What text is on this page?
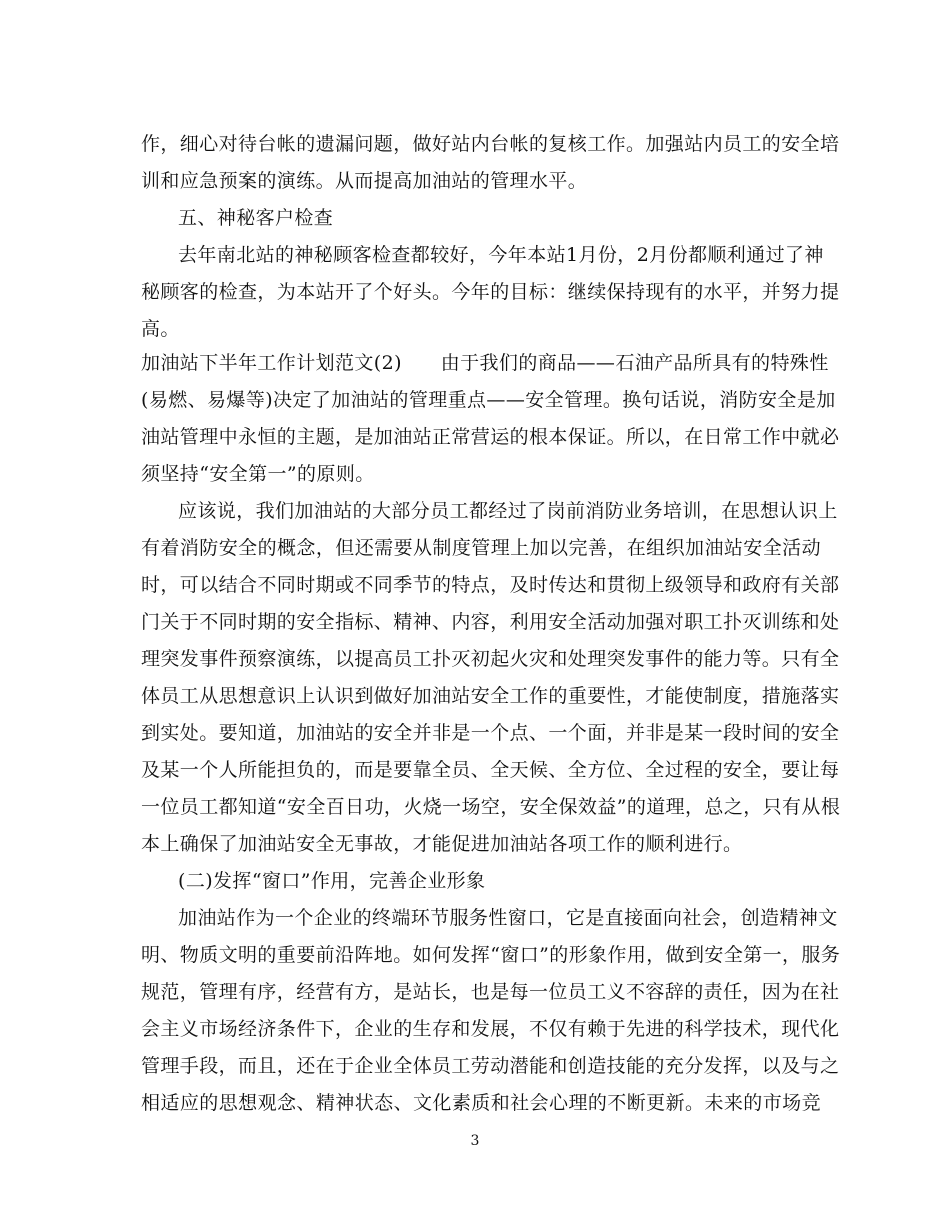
作，细心对待台帐的遗漏问题，做好站内台帐的复核工作。加强站内员工的安全培
训和应急预案的演练。从而提高加油站的管理水平。
五、神秘客户检查
去年南北站的神秘顾客检查都较好，今年本站1月份，2月份都顺利通过了神
秘顾客的检查，为本站开了个好头。今年的目标：继续保持现有的水平，并努力提
高。
加油站下半年工作计划范文(2)　　由于我们的商品——石油产品所具有的特殊性
(易燃、易爆等)决定了加油站的管理重点——安全管理。换句话说，消防安全是加
油站管理中永恒的主题，是加油站正常营运的根本保证。所以，在日常工作中就必
须坚持“安全第一”的原则。
应该说，我们加油站的大部分员工都经过了岗前消防业务培训，在思想认识上
有着消防安全的概念，但还需要从制度管理上加以完善，在组织加油站安全活动
时，可以结合不同时期或不同季节的特点，及时传达和贯彻上级领导和政府有关部
门关于不同时期的安全指标、精神、内容，利用安全活动加强对职工扑灭训练和处
理突发事件预察演练，以提高员工扑灭初起火灾和处理突发事件的能力等。只有全
体员工从思想意识上认识到做好加油站安全工作的重要性，才能使制度，措施落实
到实处。要知道，加油站的安全并非是一个点、一个面，并非是某一段时间的安全
及某一个人所能担负的，而是要靠全员、全天候、全方位、全过程的安全，要让每
一位员工都知道“安全百日功，火烧一场空，安全保效益”的道理，总之，只有从根
本上确保了加油站安全无事故，才能促进加油站各项工作的顺利进行。
(二)发挥“窗口”作用，完善企业形象
加油站作为一个企业的终端环节服务性窗口，它是直接面向社会，创造精神文
明、物质文明的重要前沿阵地。如何发挥“窗口”的形象作用，做到安全第一，服务
规范，管理有序，经营有方，是站长，也是每一位员工义不容辞的责任，因为在社
会主义市场经济条件下，企业的生存和发展，不仅有赖于先进的科学技术，现代化
管理手段，而且，还在于企业全体员工劳动潜能和创造技能的充分发挥，以及与之
相适应的思想观念、精神状态、文化素质和社会心理的不断更新。未来的市场竞
3
